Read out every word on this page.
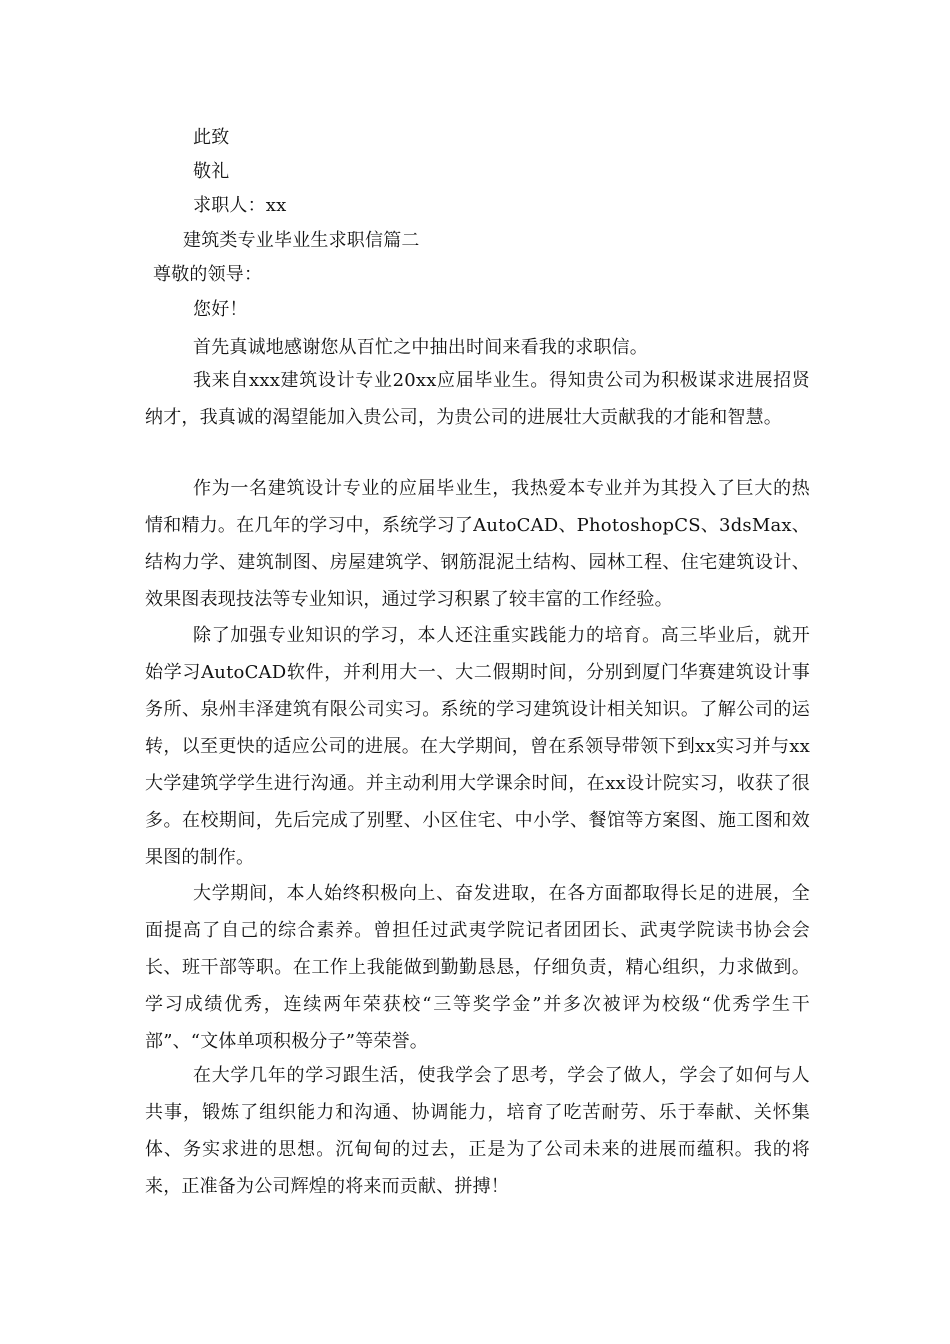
此致
敬礼
求职人：xx
建筑类专业毕业生求职信篇二
尊敬的领导：
您好！

首先真诚地感谢您从百忙之中抽出时间来看我的求职信。

我来自xxx建筑设计专业20xx应届毕业生。得知贵公司为积极谋求进展招贤纳才，我真诚的渴望能加入贵公司，为贵公司的进展壮大贡献我的才能和智慧。

作为一名建筑设计专业的应届毕业生，我热爱本专业并为其投入了巨大的热情和精力。在几年的学习中，系统学习了AutoCAD、PhotoshopCS、3dsMax、结构力学、建筑制图、房屋建筑学、钢筋混泥土结构、园林工程、住宅建筑设计、效果图表现技法等专业知识，通过学习积累了较丰富的工作经验。

除了加强专业知识的学习，本人还注重实践能力的培育。高三毕业后，就开始学习AutoCAD软件，并利用大一、大二假期时间，分别到厦门华赛建筑设计事务所、泉州丰泽建筑有限公司实习。系统的学习建筑设计相关知识。了解公司的运转，以至更快的适应公司的进展。在大学期间，曾在系领导带领下到xx实习并与xx大学建筑学学生进行沟通。并主动利用大学课余时间，在xx设计院实习，收获了很多。在校期间，先后完成了别墅、小区住宅、中小学、餐馆等方案图、施工图和效果图的制作。

大学期间，本人始终积极向上、奋发进取，在各方面都取得长足的进展，全面提高了自己的综合素养。曾担任过武夷学院记者团团长、武夷学院读书协会会长、班干部等职。在工作上我能做到勤勤恳恳，仔细负责，精心组织，力求做到。学习成绩优秀，连续两年荣获校“三等奖学金”并多次被评为校级“优秀学生干部”、“文体单项积极分子”等荣誉。

在大学几年的学习跟生活，使我学会了思考，学会了做人，学会了如何与人共事，锻炼了组织能力和沟通、协调能力，培育了吃苦耐劳、乐于奉献、关怀集体、务实求进的思想。沉甸甸的过去，正是为了公司未来的进展而蕴积。我的将来，正准备为公司辉煌的将来而贡献、拼搏！
